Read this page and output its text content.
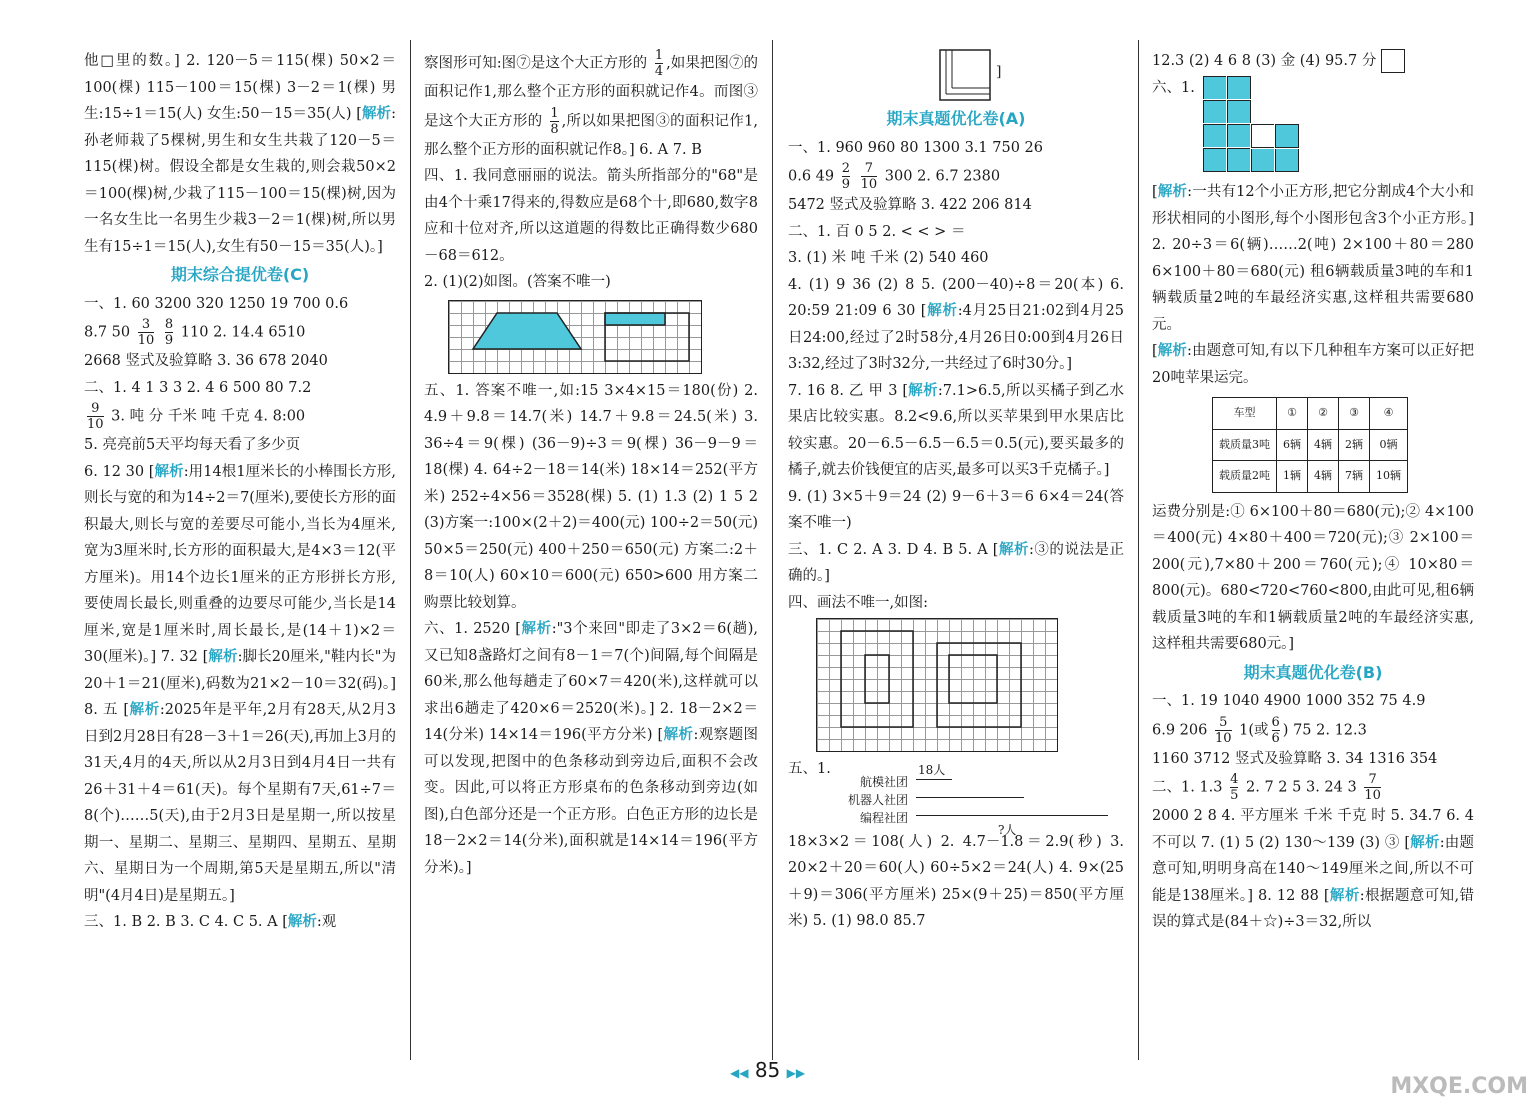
他□里的数。] 2. 120－5＝115(棵) 50×2＝100(棵) 115－100＝15(棵) 3－2＝1(棵) 男生:15÷1＝15(人) 女生:50－15＝35(人) [解析:孙老师栽了5棵树,男生和女生共栽了120－5＝115(棵)树。假设全都是女生栽的,则会栽50×2＝100(棵)树,少栽了115－100＝15(棵)树,因为一名女生比一名男生少栽3－2＝1(棵)树,所以男生有15÷1＝15(人),女生有50－15＝35(人)。]

期末综合提优卷(C)

一、1. 60 3200 320 1250 19 700 0.6

8.7 $50 \frac{3}{10}$
$\frac{8}{9} 110$ 2. 14.4 6510

2668 竖式及验算略 3. 36 678 2040

二、1. 4 1 3 3 2. 4 6 500 80 7.2

$\frac{9}{10} 3$. 吨 分 千米 吨 千克 4. 8:00

5. 亮亮前5天平均每天看了多少页

6. 12 30 [解析:用14根1厘米长的小棒围长方形,则长与宽的和为14÷2＝7(厘米),要使长方形的面积最大,则长与宽的差要尽可能小,当长为4厘米,宽为3厘米时,长方形的面积最大,是4×3＝12(平方厘米)。用14个边长1厘米的正方形拼长方形,要使周长最长,则重叠的边要尽可能少,当长是14厘米,宽是1厘米时,周长最长,是(14＋1)×2＝30(厘米)。] 7. 32 [解析:脚长20厘米,"鞋内长"为20＋1＝21(厘米),码数为21×2－10＝32(码)。] 8. 五 [解析:2025年是平年,2月有28天,从2月3日到2月28日有28－3＋1＝26(天),再加上3月的31天,4月的4天,所以从2月3日到4月4日一共有26＋31＋4＝61(天)。每个星期有7天,61÷7＝8(个)……5(天),由于2月3日是星期一,所以按星期一、星期二、星期三、星期四、星期五、星期六、星期日为一个周期,第5天是星期五,所以"清明"(4月4日)是星期五。]

三、1. B 2. B 3. C 4. C 5. A [解析:观

察图形可知:图⑦是这个大正方形的 $\frac{1}{4}$ ,如果把图⑦的面积记作1,那么整个正方形的面积就记作4。而图③是这个大正方形的 $\frac{1}{8}$ ,所以如果把图③的面积记作1,那么整个正方形的面积就记作8。] 6. A 7. B

四、1. 我同意丽丽的说法。箭头所指部分的"68"是由4个十乘17得来的,得数应是68个十,即680,数字8应和十位对齐,所以这道题的得数比正确得数少680－68＝612。

2. (1)(2)如图。(答案不唯一)

五、1. 答案不唯一,如:15 3×4×15＝180(份) 2. 4.9＋9.8＝14.7(米) 14.7＋9.8＝24.5(米) 3. 36÷4＝9(棵) (36－9)÷3＝9(棵) 36－9－9＝18(棵) 4. 64÷2－18＝14(米) 18×14＝252(平方米) 252÷4×56＝3528(棵) 5. (1) 1.3 (2) 1 5 2 (3)方案一:100×(2＋2)＝400(元) 100÷2＝50(元) 50×5＝250(元) 400＋250＝650(元) 方案二:2＋8＝10(人) 60×10＝600(元) 650>600 用方案二购票比较划算。

六、1. 2520 [解析:"3个来回"即走了3×2＝6(趟),又已知8盏路灯之间有8－1＝7(个)间隔,每个间隔是60米,那么他每趟走了60×7＝420(米),这样就可以求出6趟走了420×6＝2520(米)。] 2. 18－2×2＝14(分米) 14×14＝196(平方分米) [解析:观察题图可以发现,把图中的色条移动到旁边后,面积不会改变。因此,可以将正方形桌布的色条移动到旁边(如图),白色部分还是一个正方形。白色正方形的边长是18－2×2＝14(分米),面积就是14×14＝196(平方分米)。]

]
期末真题优化卷(A)

一、1. 960 960 80 1300 3.1 750 26

0.6 $49 \frac{2}{9}$
$\frac{7}{10} 300$ 2. 6.7 2380

5472 竖式及验算略 3. 422 206 814

二、1. 百 0 5 2. < < > ＝

3. (1) 米 吨 千米 (2) 540 460

4. (1) 9 36 (2) 8 5. (200－40)÷8＝20(本) 6. 20:59 21:09 6 30 [解析:4月25日21:02到4月25日24:00,经过了2时58分,4月26日0:00到4月26日3:32,经过了3时32分,一共经过了6时30分。]

7. 16 8. 乙 甲 3 [解析:7.1>6.5,所以买橘子到乙水果店比较实惠。8.2<9.6,所以买苹果到甲水果店比较实惠。20－6.5－6.5－6.5＝0.5(元),要买最多的橘子,就去价钱便宜的店买,最多可以买3千克橘子。]

9. (1) 3×5＋9＝24 (2) 9－6＋3＝6 6×4＝24(答案不唯一)

三、1. C 2. A 3. D 4. B 5. A [解析:③的说法是正确的。]

四、画法不唯一,如图:

五、1.	18人
航模社团
机器人社团
编程社团
?人

18×3×2＝108(人) 2. 4.7－1.8＝2.9(秒) 3. 20×2＋20＝60(人) 60÷5×2＝24(人) 4. 9×(25＋9)＝306(平方厘米) 25×(9＋25)＝850(平方厘米) 5. (1) 98.0 85.7

12.3 (2) 4 6 8 (3) 金 (4) 95.7 分

六、1.

[解析:一共有12个小正方形,把它分割成4个大小和形状相同的小图形,每个小图形包含3个小正方形。] 2. 20÷3＝6(辆)……2(吨) 2×100＋80＝280 6×100＋80＝680(元) 租6辆载质量3吨的车和1辆载质量2吨的车最经济实惠,这样租共需要680元。

[解析:由题意可知,有以下几种租车方案可以正好把20吨苹果运完。

车型	①	②	③	④
载质量3吨	6辆	4辆	2辆	0辆
载质量2吨	1辆	4辆	7辆	10辆

运费分别是:① 6×100＋80＝680(元);② 4×100＝400(元) 4×80＋400＝720(元);③ 2×100＝200(元),7×80＋200＝760(元);④ 10×80＝800(元)。680<720<760<800,由此可见,租6辆载质量3吨的车和1辆载质量2吨的车最经济实惠,这样租共需要680元。]

期末真题优化卷(B)

一、1. 19 1040 4900 1000 352 75 4.9

6.9 $206 \frac{5}{10} 1$(或 $\frac{6}{6}$ ) 75 2. 12.3

1160 3712 竖式及验算略 3. 34 1316 354

二、1. $1.3 \frac{4}{5} 2$. 7 2 5 3. 24 $3 \frac{7}{10}$

2000 2 8 4. 平方厘米 千米 千克 时 5. 34.7 6. 4 不可以 7. (1) 5 (2) 130～139 (3) ③ [解析:由题意可知,明明身高在140～149厘米之间,所以不可能是138厘米。] 8. 12 88 [解析:根据题意可知,错误的算式是(84＋☆)÷3＝32,所以

◀◀ 85 ▶▶
MXQE.COM
